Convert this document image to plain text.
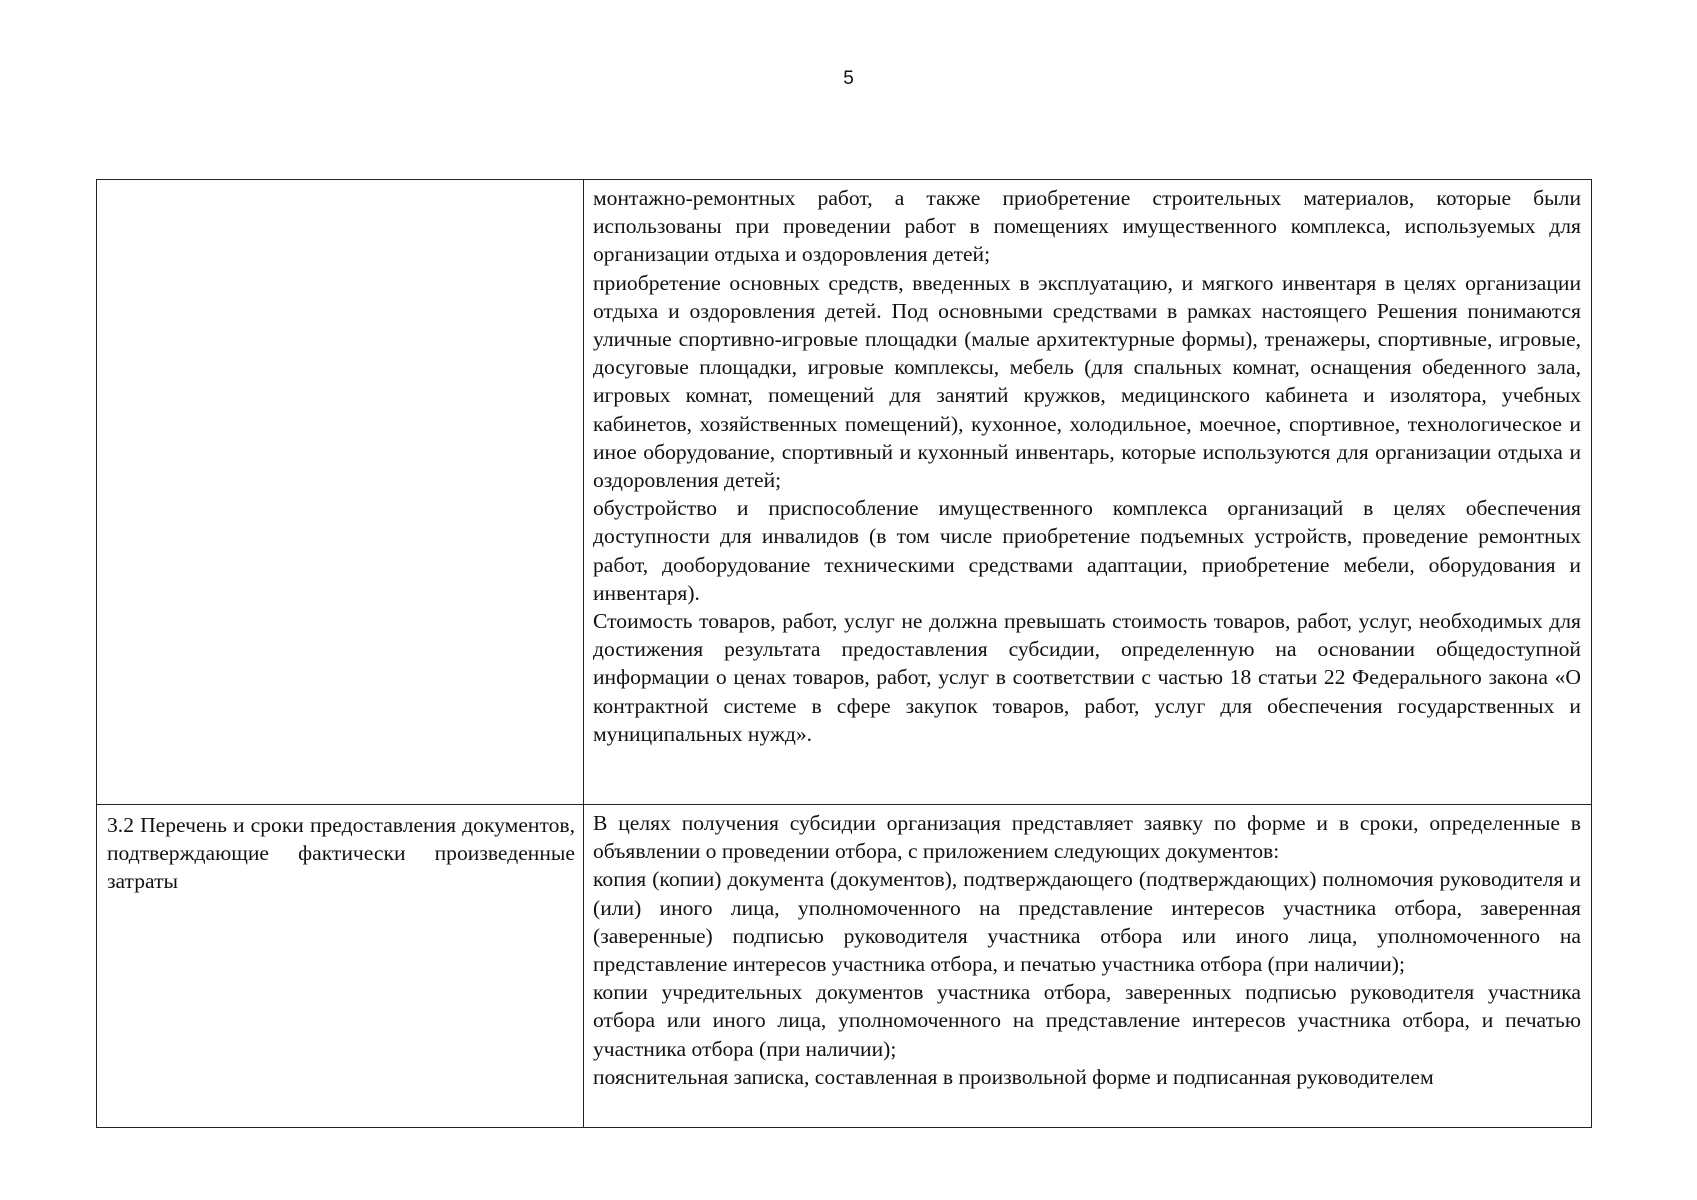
5

	монтажно-ремонтных работ, а также приобретение строительных материалов, которые были использованы при проведении работ в помещениях имущественного комплекса, используемых для организации отдыха и оздоровления детей;

приобретение основных средств, введенных в эксплуатацию, и мягкого инвентаря в целях организации отдыха и оздоровления детей. Под основными средствами в рамках настоящего Решения понимаются уличные спортивно-игровые площадки (малые архитектурные формы), тренажеры, спортивные, игровые, досуговые площадки, игровые комплексы, мебель (для спальных комнат, оснащения обеденного зала, игровых комнат, помещений для занятий кружков, медицинского кабинета и изолятора, учебных кабинетов, хозяйственных помещений), кухонное, холодильное, моечное, спортивное, технологическое и иное оборудование, спортивный и кухонный инвентарь, которые используются для организации отдыха и оздоровления детей;

обустройство и приспособление имущественного комплекса организаций в целях обеспечения доступности для инвалидов (в том числе приобретение подъемных устройств, проведение ремонтных работ, дооборудование техническими средствами адаптации, приобретение мебели, оборудования и инвентаря).

Стоимость товаров, работ, услуг не должна превышать стоимость товаров, работ, услуг, необходимых для достижения результата предоставления субсидии, определенную на основании общедоступной информации о ценах товаров, работ, услуг в соответствии с частью 18 статьи 22 Федерального закона «О контрактной системе в сфере закупок товаров, работ, услуг для обеспечения государственных и муниципальных нужд».

3.2 Перечень и сроки предоставления документов, подтверждающие фактически произведенные затраты	В целях получения субсидии организация представляет заявку по форме и в сроки, определенные в объявлении о проведении отбора, с приложением следующих документов:

копия (копии) документа (документов), подтверждающего (подтверждающих) полномочия руководителя и (или) иного лица, уполномоченного на представление интересов участника отбора, заверенная (заверенные) подписью руководителя участника отбора или иного лица, уполномоченного на представление интересов участника отбора, и печатью участника отбора (при наличии);

копии учредительных документов участника отбора, заверенных подписью руководителя участника отбора или иного лица, уполномоченного на представление интересов участника отбора, и печатью участника отбора (при наличии);

пояснительная записка, составленная в произвольной форме и подписанная руководителем
